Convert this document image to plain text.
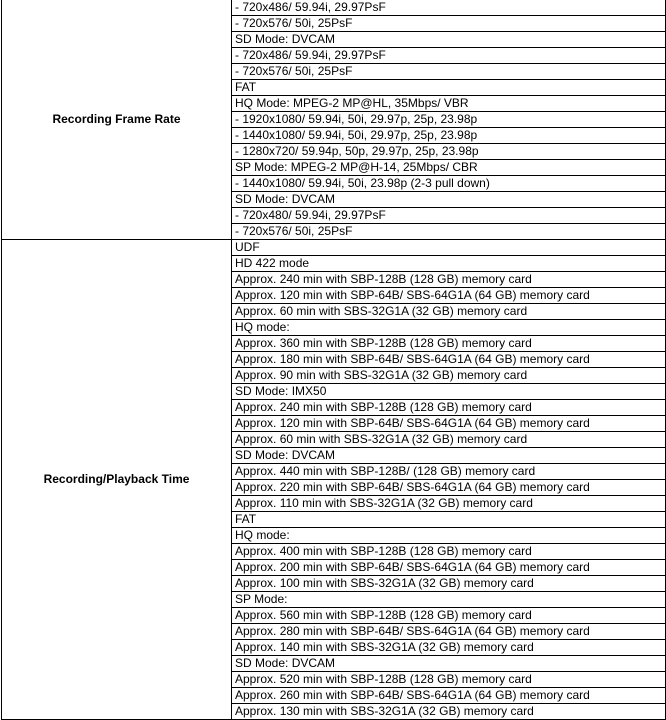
Recording Frame Rate	- 720x486/ 59.94i, 29.97PsF
	- 720x576/ 50i, 25PsF
	SD Mode: DVCAM
	- 720x486/ 59.94i, 29.97PsF
	- 720x576/ 50i, 25PsF
	FAT
	HQ Mode: MPEG-2 MP@HL, 35Mbps/ VBR
	- 1920x1080/ 59.94i, 50i, 29.97p, 25p, 23.98p
	- 1440x1080/ 59.94i, 50i, 29.97p, 25p, 23.98p
	- 1280x720/ 59.94p, 50p, 29.97p, 25p, 23.98p
	SP Mode: MPEG-2 MP@H-14, 25Mbps/ CBR
	- 1440x1080/ 59.94i, 50i, 23.98p (2-3 pull down)
	SD Mode: DVCAM
	- 720x480/ 59.94i, 29.97PsF
	- 720x576/ 50i, 25PsF
Recording/Playback Time	UDF
	HD 422 mode
	Approx. 240 min with SBP-128B (128 GB) memory card
	Approx. 120 min with SBP-64B/ SBS-64G1A (64 GB) memory card
	Approx. 60 min with SBS-32G1A (32 GB) memory card
	HQ mode:
	Approx. 360 min with SBP-128B (128 GB) memory card
	Approx. 180 min with SBP-64B/ SBS-64G1A (64 GB) memory card
	Approx. 90 min with SBS-32G1A (32 GB) memory card
	SD Mode: IMX50
	Approx. 240 min with SBP-128B (128 GB) memory card
	Approx. 120 min with SBP-64B/ SBS-64G1A (64 GB) memory card
	Approx. 60 min with SBS-32G1A (32 GB) memory card
	SD Mode: DVCAM
	Approx. 440 min with SBP-128B/ (128 GB) memory card
	Approx. 220 min with SBP-64B/ SBS-64G1A (64 GB) memory card
	Approx. 110 min with SBS-32G1A (32 GB) memory card
	FAT
	HQ mode:
	Approx. 400 min with SBP-128B (128 GB) memory card
	Approx. 200 min with SBP-64B/ SBS-64G1A (64 GB) memory card
	Approx. 100 min with SBS-32G1A (32 GB) memory card
	SP Mode:
	Approx. 560 min with SBP-128B (128 GB) memory card
	Approx. 280 min with SBP-64B/ SBS-64G1A (64 GB) memory card
	Approx. 140 min with SBS-32G1A (32 GB) memory card
	SD Mode: DVCAM
	Approx. 520 min with SBP-128B (128 GB) memory card
	Approx. 260 min with SBP-64B/ SBS-64G1A (64 GB) memory card
	Approx. 130 min with SBS-32G1A (32 GB) memory card
